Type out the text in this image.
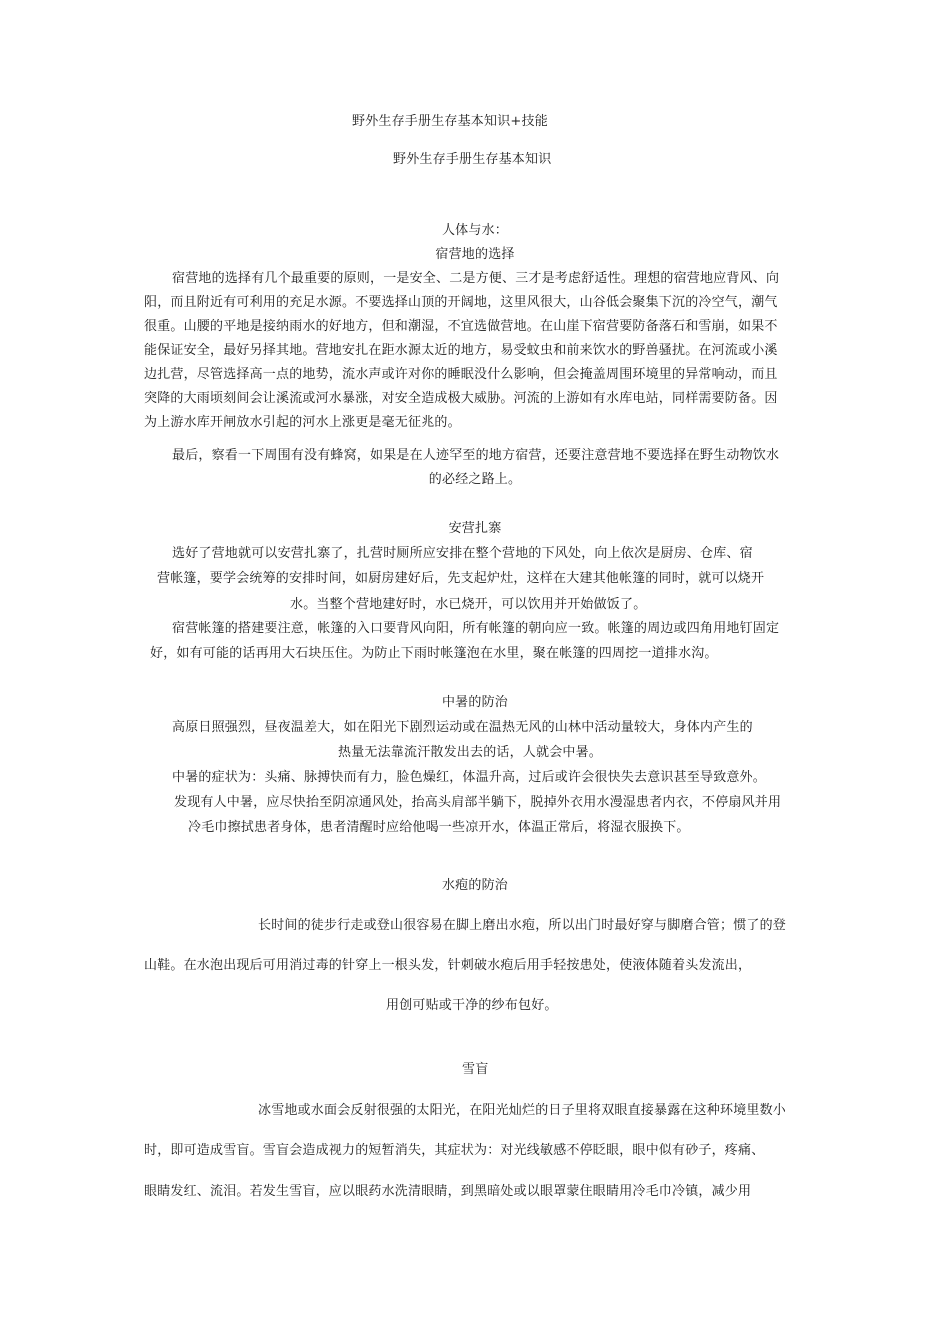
野外生存手册生存基本知识+技能
野外生存手册生存基本知识
人体与水：
宿营地的选择
宿营地的选择有几个最重要的原则，一是安全、二是方便、三才是考虑舒适性。理想的宿营地应背风、向
阳，而且附近有可利用的充足水源。不要选择山顶的开阔地，这里风很大，山谷低会聚集下沉的冷空气，潮气
很重。山腰的平地是接纳雨水的好地方，但和潮湿，不宜选做营地。在山崖下宿营要防备落石和雪崩，如果不
能保证安全，最好另择其地。营地安扎在距水源太近的地方，易受蚊虫和前来饮水的野兽骚扰。在河流或小溪
边扎营，尽管选择高一点的地势，流水声或许对你的睡眠没什么影响，但会掩盖周围环境里的异常响动，而且
突降的大雨顷刻间会让溪流或河水暴涨，对安全造成极大威胁。河流的上游如有水库电站，同样需要防备。因
为上游水库开闸放水引起的河水上涨更是毫无征兆的。
最后，察看一下周围有没有蜂窝，如果是在人迹罕至的地方宿营，还要注意营地不要选择在野生动物饮水
的必经之路上。
安营扎寨
选好了营地就可以安营扎寨了，扎营时厕所应安排在整个营地的下风处，向上依次是厨房、仓库、宿
营帐篷，要学会统筹的安排时间，如厨房建好后，先支起炉灶，这样在大建其他帐篷的同时，就可以烧开
水。当整个营地建好时，水已烧开，可以饮用并开始做饭了。
宿营帐篷的搭建要注意，帐篷的入口要背风向阳，所有帐篷的朝向应一致。帐篷的周边或四角用地钉固定
好，如有可能的话再用大石块压住。为防止下雨时帐篷泡在水里，聚在帐篷的四周挖一道排水沟。
中暑的防治
高原日照强烈，昼夜温差大，如在阳光下剧烈运动或在温热无风的山林中活动量较大，身体内产生的
热量无法靠流汗散发出去的话，人就会中暑。
中暑的症状为：头痛、脉搏快而有力，脸色燥红，体温升高，过后或许会很快失去意识甚至导致意外。
发现有人中暑，应尽快抬至阴凉通风处，抬高头肩部半躺下，脱掉外衣用水漫湿患者内衣，不停扇风并用
冷毛巾擦拭患者身体，患者清醒时应给他喝一些凉开水，体温正常后，将湿衣服换下。
水疱的防治
长时间的徒步行走或登山很容易在脚上磨出水疱，所以出门时最好穿与脚磨合管；惯了的登
山鞋。在水泡出现后可用消过毒的针穿上一根头发，针刺破水疱后用手轻按患处，使液体随着头发流出，
用创可贴或干净的纱布包好。
雪盲
冰雪地或水面会反射很强的太阳光，在阳光灿烂的日子里将双眼直接暴露在这种环境里数小
时，即可造成雪盲。雪盲会造成视力的短暂消失，其症状为：对光线敏感不停眨眼，眼中似有砂子，疼痛、
眼睛发红、流泪。若发生雪盲，应以眼药水洗清眼睛，到黑暗处或以眼罩蒙住眼睛用冷毛巾冷镇，减少用
